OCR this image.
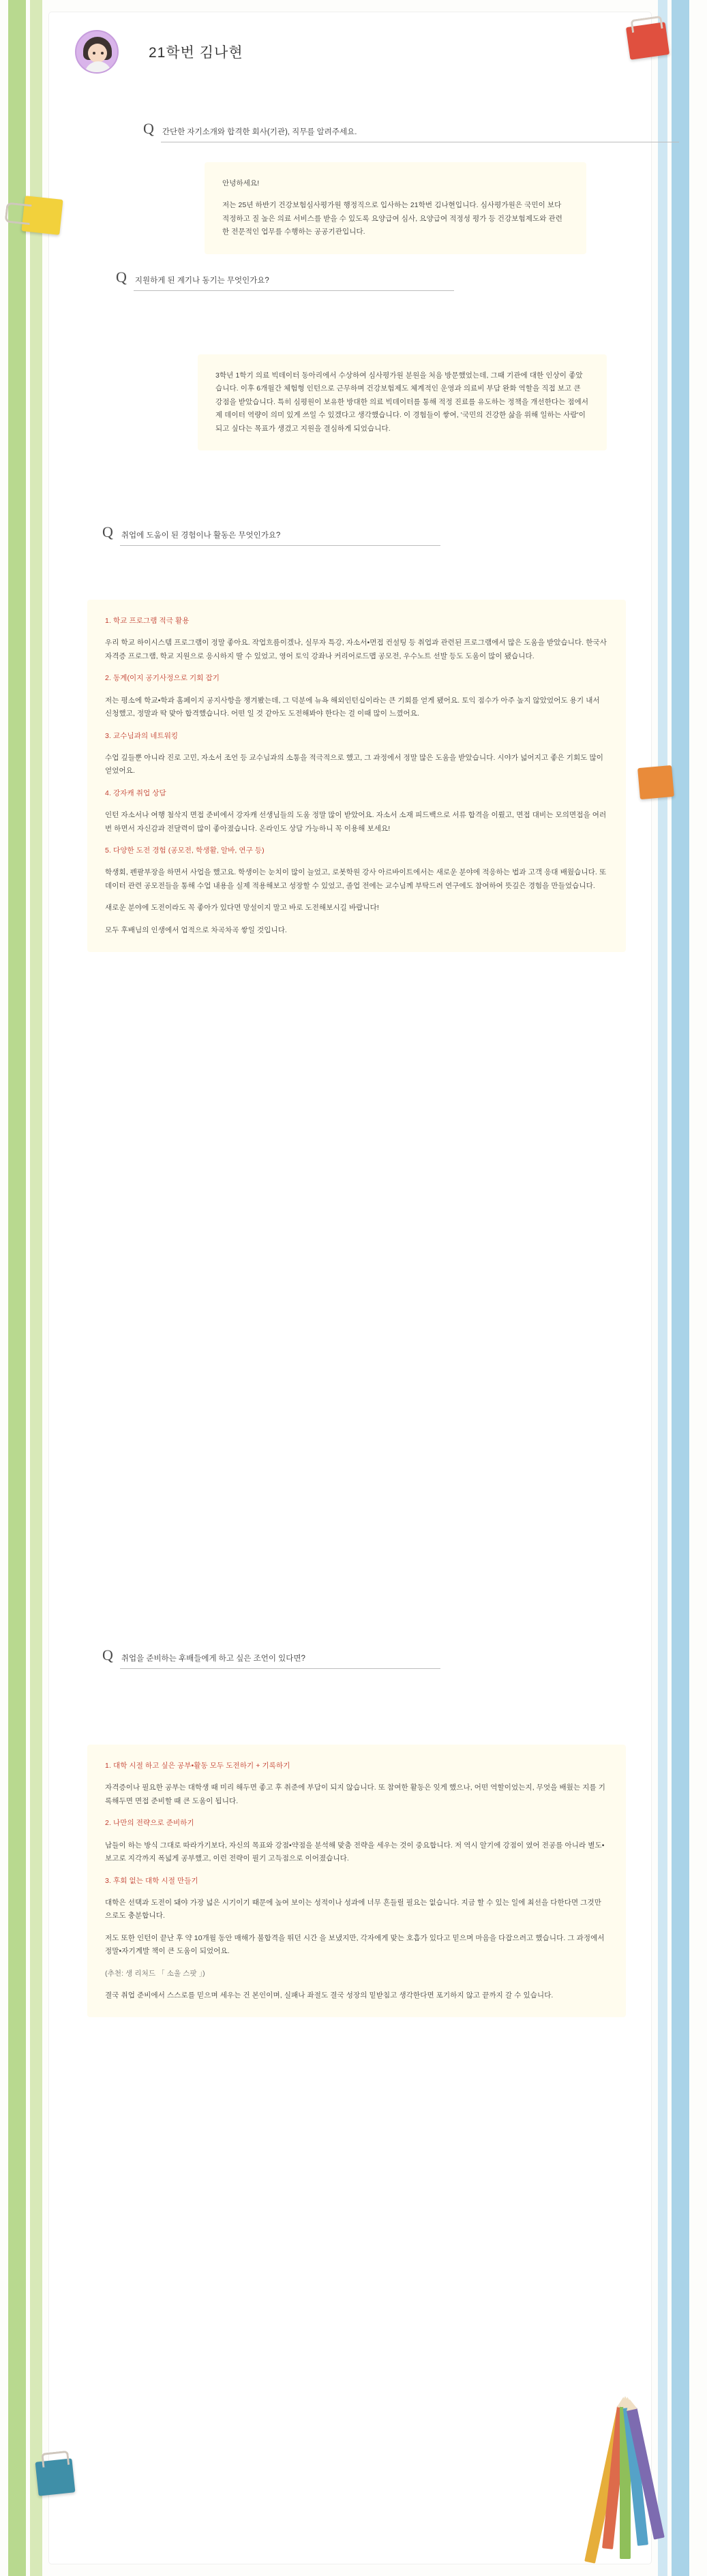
21학번 김나현
Q 간단한 자기소개와 합격한 회사(기관), 직무를 알려주세요.

안녕하세요!

저는 25년 하반기 건강보험심사평가원 행정직으로 입사하는 21학번 김나현입니다. 심사평가원은 국민이 보다 적정하고 질 높은 의료 서비스를 받을 수 있도록 요양급여 심사, 요양급여 적정성 평가 등 건강보험제도와 관련한 전문적인 업무를 수행하는 공공기관입니다.

Q 지원하게 된 계기나 동기는 무엇인가요?

3학년 1학기 의료 빅데이터 동아리에서 수상하여 심사평가원 분원을 처음 방문했었는데, 그때 기관에 대한 인상이 좋았습니다. 이후 6개월간 체험형 인턴으로 근무하며 건강보험제도 체계적인 운영과 의료비 부담 완화 역할을 직접 보고 큰 강점을 받았습니다. 특히 심평원이 보유한 방대한 의료 빅데이터를 통해 적정 진료를 유도하는 정책을 개선한다는 점에서 제 데이터 역량이 의미 있게 쓰일 수 있겠다고 생각했습니다. 이 경험들이 쌓여, '국민의 건강한 삶을 위해 일하는 사람'이 되고 싶다는 목표가 생겼고 지원을 결심하게 되었습니다.

Q 취업에 도움이 된 경험이나 활동은 무엇인가요?

1. 학교 프로그램 적극 활용

우리 학교 하이시스템 프로그램이 정말 좋아요. 작업흐름이겠나, 실무자 특강, 자소서•면접 컨설팅 등 취업과 관련된 프로그램에서 많은 도움을 받았습니다. 한국사 자격증 프로그램, 학교 지원으로 응시하지 딸 수 있었고, 영어 토익 강좌나 커리어로드맵 공모전, 우수노트 선발 등도 도움이 많이 됐습니다.

2. 동계(이지 공기사정으로 기회 잡기

저는 평소에 학교•학과 홈페이지 공지사항을 챙겨봤는데, 그 덕분에 뉴욕 해외인턴십이라는 큰 기회를 얻게 됐어요. 토익 점수가 아주 높지 않았었어도 용기 내서 신청했고, 정말과 딱 맞아 합격했습니다. 어떤 일 것 같아도 도전해봐야 한다는 걸 이때 많이 느꼈어요.

3. 교수님과의 네트워킹

수업 깊들뿐 아니라 진로 고민, 자소서 조언 등 교수님과의 소통을 적극적으로 했고, 그 과정에서 정말 많은 도움을 받았습니다. 시야가 넓어지고 좋은 기회도 많이 얻었어요.

4. 강자캐 취업 상담

인턴 자소서나 여행 첨삭지 면접 준비에서 강자캐 선생님들의 도움 정말 많이 받았어요. 자소서 소재 피드백으로 서류 합격을 이뤘고, 면접 대비는 모의면접을 여러 번 하면서 자신감과 전달력이 많이 좋아졌습니다. 온라인도 상담 가능하니 꼭 이용해 보세요!

5. 다양한 도전 경험 (공모전, 학생활, 알바, 연구 등)

학생회, 펜팔부장을 하면서 사업을 했고요. 학생이는 눈치이 많이 늘었고, 로봇학원 강사 아르바이트에서는 새로운 분야에 적응하는 법과 고객 응대 배웠습니다. 또 데이터 관련 공모전들을 통해 수업 내용을 실제 적용해보고 성장할 수 있었고, 졸업 전에는 교수님께 부탁드려 연구에도 참여하여 뜻깊은 경험을 만들었습니다.

새로운 분야에 도전이라도 꼭 좋아가 있다면 망설이지 말고 바로 도전해보시길 바랍니다!

모두 후배님의 인생에서 업적으로 차곡차곡 쌓일 것입니다.

Q 취업을 준비하는 후배들에게 하고 싶은 조언이 있다면?

1. 대학 시절 하고 싶은 공부•활동 모두 도전하기 + 기록하기

자격증이나 필요한 공부는 대학생 때 미리 해두면 좋고 후 취준에 부담이 되지 않습니다. 또 참여한 활동은 잊게 했으나, 어떤 역할이었는지, 무엇을 배웠는 지를 기록해두면 면접 준비할 때 큰 도움이 됩니다.

2. 나만의 전략으로 준비하기

남들이 하는 방식 그대로 따라가기보다, 자신의 목표와 강점•약점을 분석해 맞춤 전략을 세우는 것이 중요합니다. 저 역시 알기에 강점이 였어 전공를 아니라 별도•보고로 지각까지 폭넓게 공부했고, 이런 전략이 필기 고득점으로 이어졌습니다.

3. 후회 없는 대학 시절 만들기

대학은 선택과 도전이 돼야 가장 넓은 시기이기 때문에 높여 보이는 성적이나 성과에 너무 흔들릴 필요는 없습니다. 지금 할 수 있는 일에 최선을 다한다면 그것만으로도 충분합니다.

저도 또한 인턴이 끝난 후 약 10개월 동안 매해가 불합격을 뛰던 시간 을 보냈지만, 각자에게 맞는 호흡가 있다고 믿으며 마음을 다잡으려고 했습니다. 그 과정에서 정말•자기계발 책이 큰 도움이 되었어요.

(추천: 생 리처드 「 소울 스팟 」)

결국 취업 준비에서 스스로를 믿으며 세우는 건 본인이며, 실패나 좌절도 결국 성장의 밑받침고 생각한다면 포기하지 않고 끝까지 갈 수 있습니다.
